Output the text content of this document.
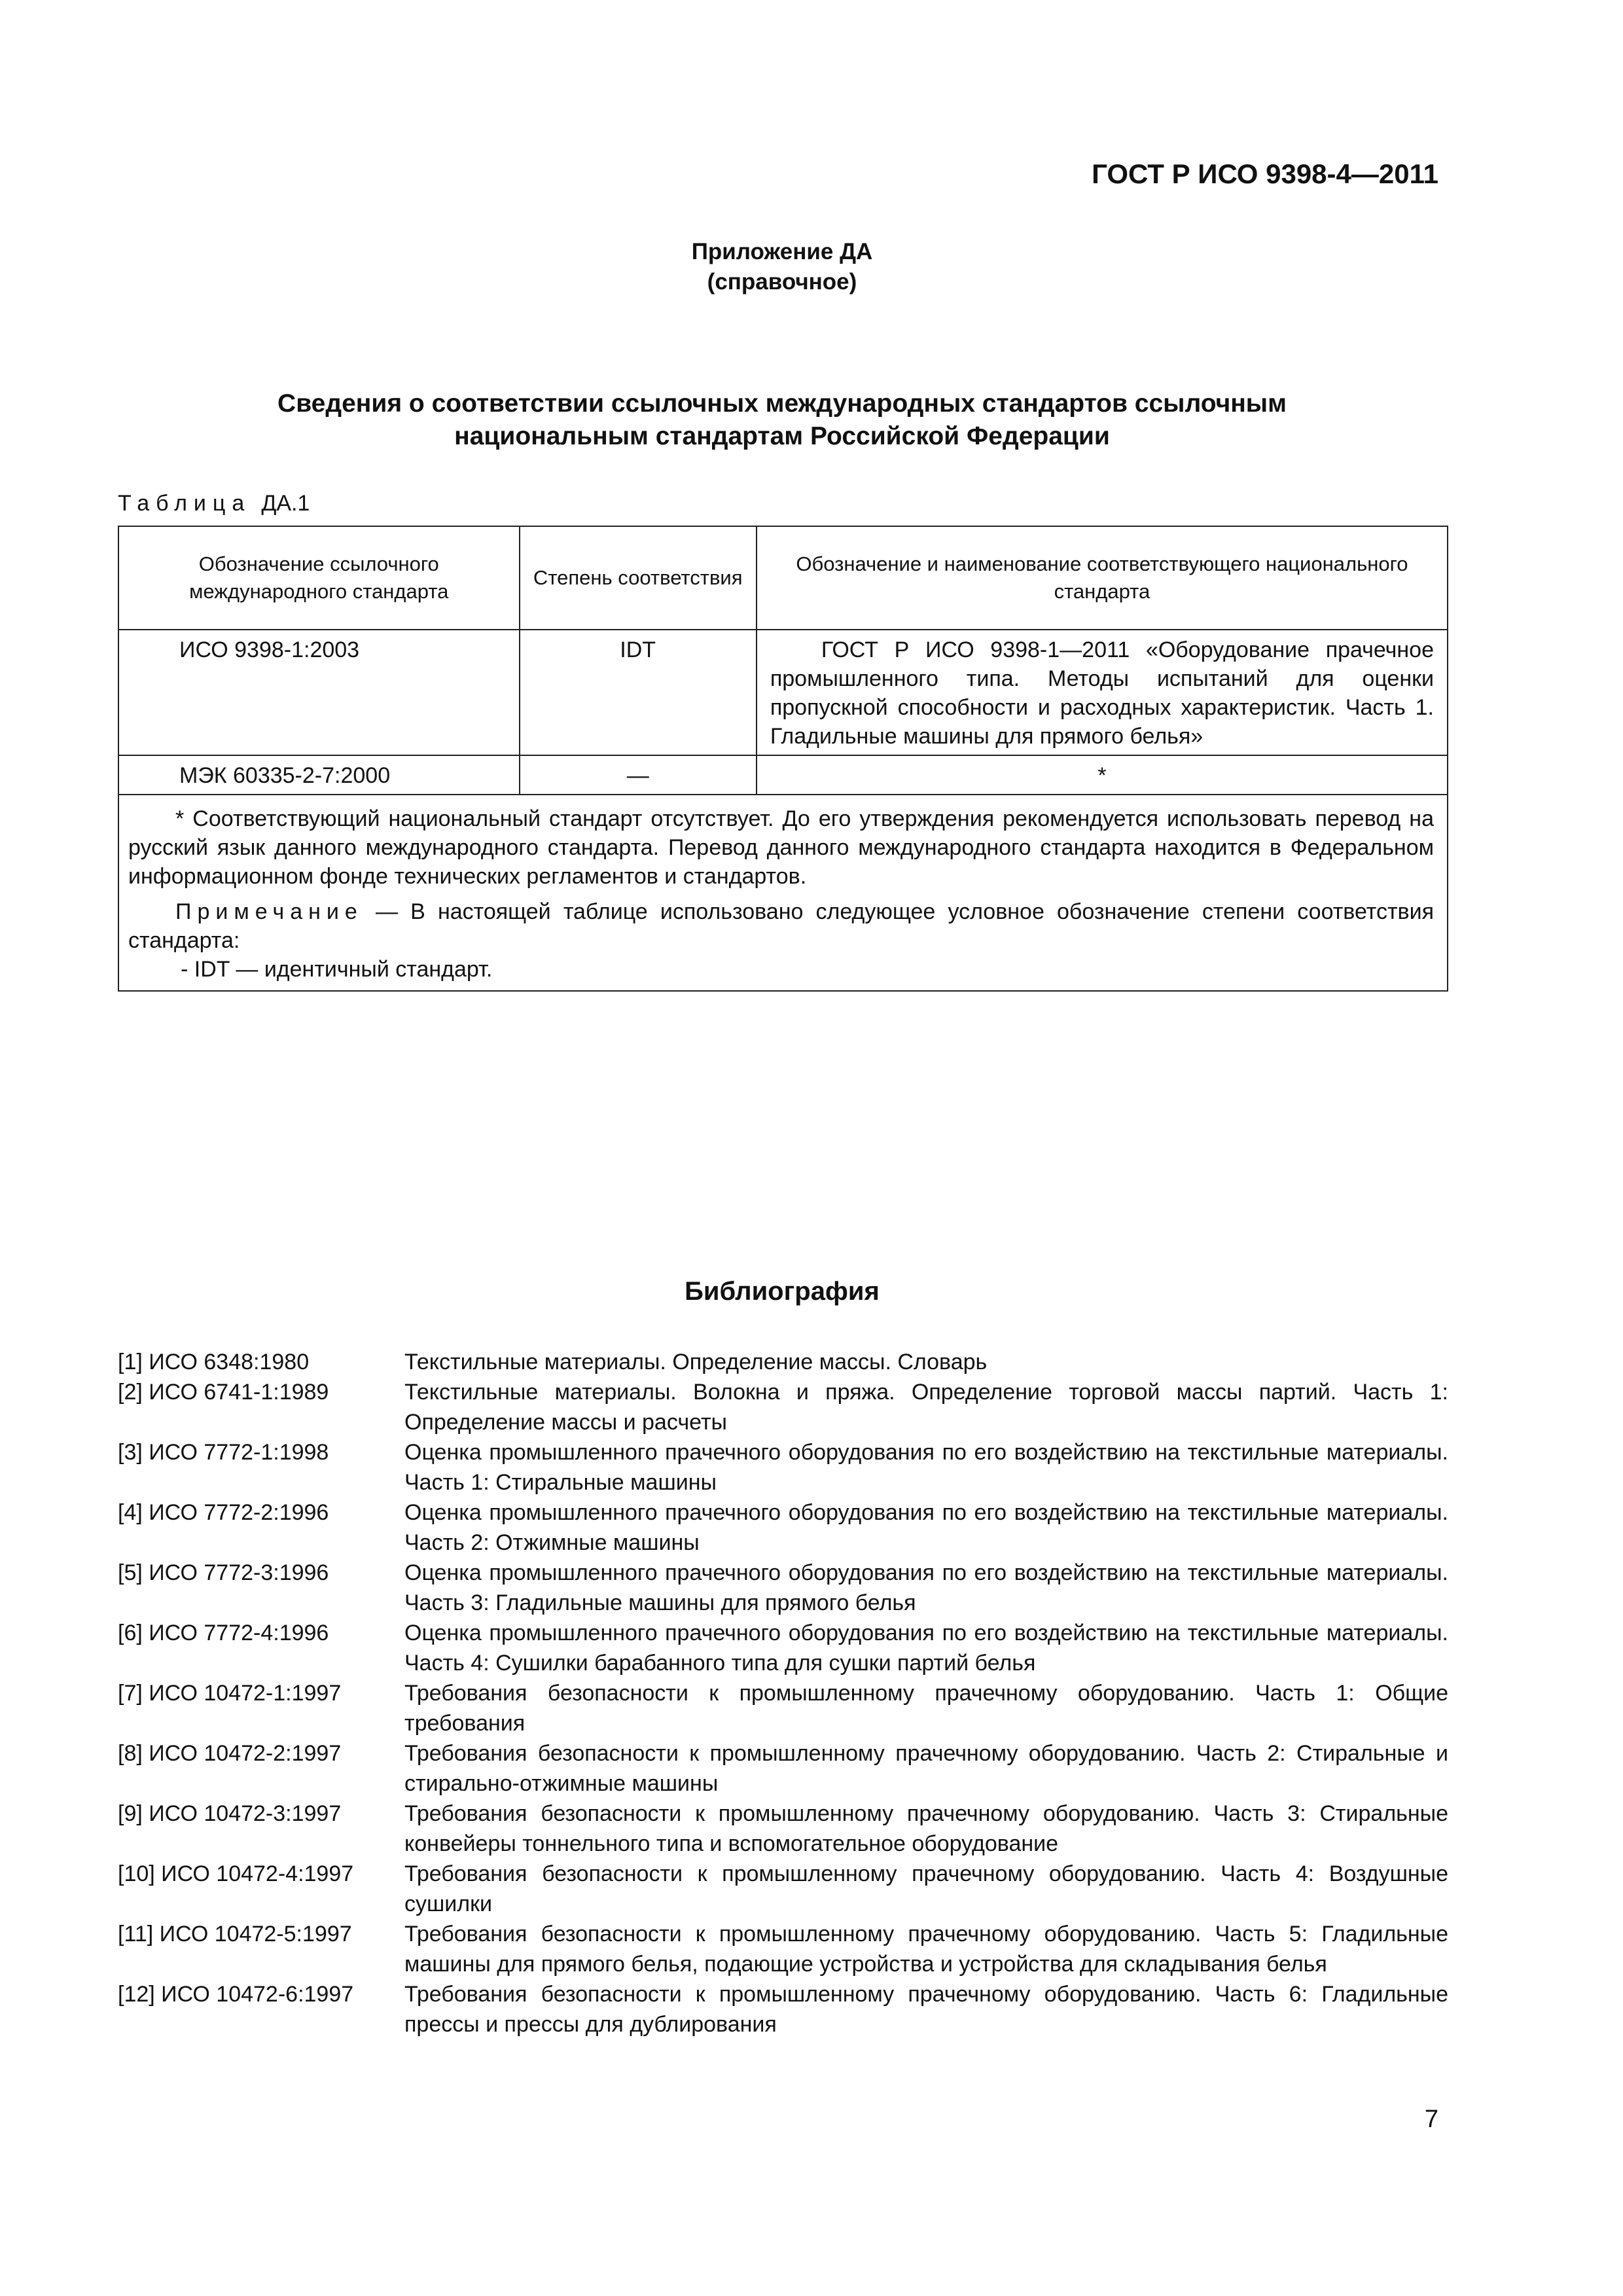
ГОСТ Р ИСО 9398-4—2011
Приложение ДА
(справочное)
Сведения о соответствии ссылочных международных стандартов ссылочным
национальным стандартам Российской Федерации
Таблица ДА.1
Обозначение ссылочного международного стандарта	Степень соответствия	Обозначение и наименование соответствующего национального стандарта
ИСО 9398-1:2003	IDT	ГОСТ Р ИСО 9398-1—2011 «Оборудование прачечное промышленного типа. Методы испытаний для оценки пропускной способности и расходных характеристик. Часть 1. Гладильные машины для прямого белья»
МЭК 60335-2-7:2000	—	*

* Соответствующий национальный стандарт отсутствует. До его утверждения рекомендуется использовать перевод на русский язык данного международного стандарта. Перевод данного международного стандарта находится в Федеральном информационном фонде технических регламентов и стандартов.

Примечание — В настоящей таблице использовано следующее условное обозначение степени соответствия стандарта:

- IDT — идентичный стандарт.		

Библиография
[1] ИСО 6348:1980	Текстильные материалы. Определение массы. Словарь
[2] ИСО 6741-1:1989	Текстильные материалы. Волокна и пряжа. Определение торговой массы партий. Часть 1: Определение массы и расчеты
[3] ИСО 7772-1:1998	Оценка промышленного прачечного оборудования по его воздействию на текстильные материалы. Часть 1: Стиральные машины
[4] ИСО 7772-2:1996	Оценка промышленного прачечного оборудования по его воздействию на текстильные материалы. Часть 2: Отжимные машины
[5] ИСО 7772-3:1996	Оценка промышленного прачечного оборудования по его воздействию на текстильные материалы. Часть 3: Гладильные машины для прямого белья
[6] ИСО 7772-4:1996	Оценка промышленного прачечного оборудования по его воздействию на текстильные материалы. Часть 4: Сушилки барабанного типа для сушки партий белья
[7] ИСО 10472-1:1997	Требования безопасности к промышленному прачечному оборудованию. Часть 1: Общие требования
[8] ИСО 10472-2:1997	Требования безопасности к промышленному прачечному оборудованию. Часть 2: Стиральные и стирально-отжимные машины
[9] ИСО 10472-3:1997	Требования безопасности к промышленному прачечному оборудованию. Часть 3: Стиральные конвейеры тоннельного типа и вспомогательное оборудование
[10] ИСО 10472-4:1997	Требования безопасности к промышленному прачечному оборудованию. Часть 4: Воздушные сушилки
[11] ИСО 10472-5:1997	Требования безопасности к промышленному прачечному оборудованию. Часть 5: Гладильные машины для прямого белья, подающие устройства и устройства для складывания белья
[12] ИСО 10472-6:1997	Требования безопасности к промышленному прачечному оборудованию. Часть 6: Гладильные прессы и прессы для дублирования
7
